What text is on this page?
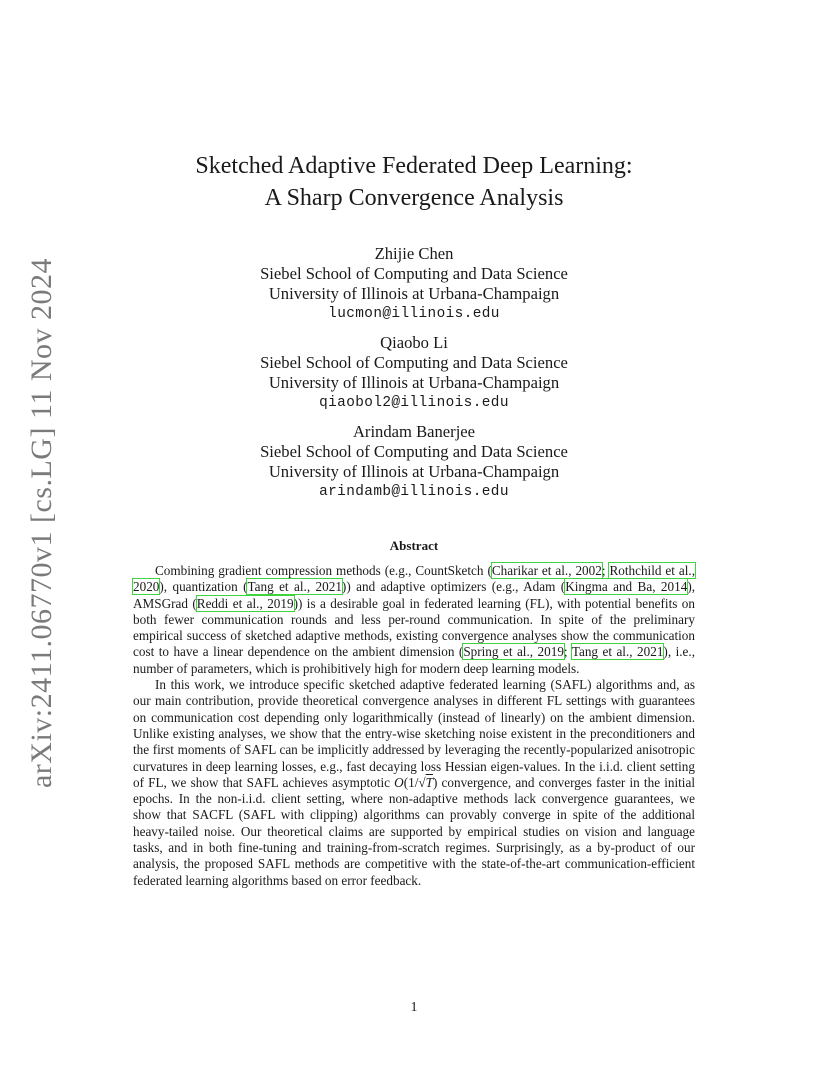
arXiv:2411.06770v1 [cs.LG] 11 Nov 2024
Sketched Adaptive Federated Deep Learning:
A Sharp Convergence Analysis
Zhijie Chen
Siebel School of Computing and Data Science
University of Illinois at Urbana-Champaign
lucmon@illinois.edu
Qiaobo Li
Siebel School of Computing and Data Science
University of Illinois at Urbana-Champaign
qiaobol2@illinois.edu
Arindam Banerjee
Siebel School of Computing and Data Science
University of Illinois at Urbana-Champaign
arindamb@illinois.edu
Abstract

Combining gradient compression methods (e.g., CountSketch (Charikar et al., 2002; Rothchild et al., 2020), quantization (Tang et al., 2021)) and adaptive optimizers (e.g., Adam (Kingma and Ba, 2014), AMSGrad (Reddi et al., 2019)) is a desirable goal in federated learning (FL), with potential benefits on both fewer communication rounds and less per-round communication. In spite of the preliminary empirical success of sketched adaptive methods, existing convergence analyses show the communication cost to have a linear dependence on the ambient dimension (Spring et al., 2019; Tang et al., 2021), i.e., number of parameters, which is prohibitively high for modern deep learning models.

In this work, we introduce specific sketched adaptive federated learning (SAFL) algorithms and, as our main contribution, provide theoretical convergence analyses in different FL settings with guarantees on communication cost depending only logarithmically (instead of linearly) on the ambient dimension. Unlike existing analyses, we show that the entry-wise sketching noise existent in the preconditioners and the first moments of SAFL can be implicitly addressed by leveraging the recently-popularized anisotropic curvatures in deep learning losses, e.g., fast decaying loss Hessian eigen-values. In the i.i.d. client setting of FL, we show that SAFL achieves asymptotic O(1/√T) convergence, and converges faster in the initial epochs. In the non-i.i.d. client setting, where non-adaptive methods lack convergence guarantees, we show that SACFL (SAFL with clipping) algorithms can provably converge in spite of the additional heavy-tailed noise. Our theoretical claims are supported by empirical studies on vision and language tasks, and in both fine-tuning and training-from-scratch regimes. Surprisingly, as a by-product of our analysis, the proposed SAFL methods are competitive with the state-of-the-art communication-efficient federated learning algorithms based on error feedback.

1
